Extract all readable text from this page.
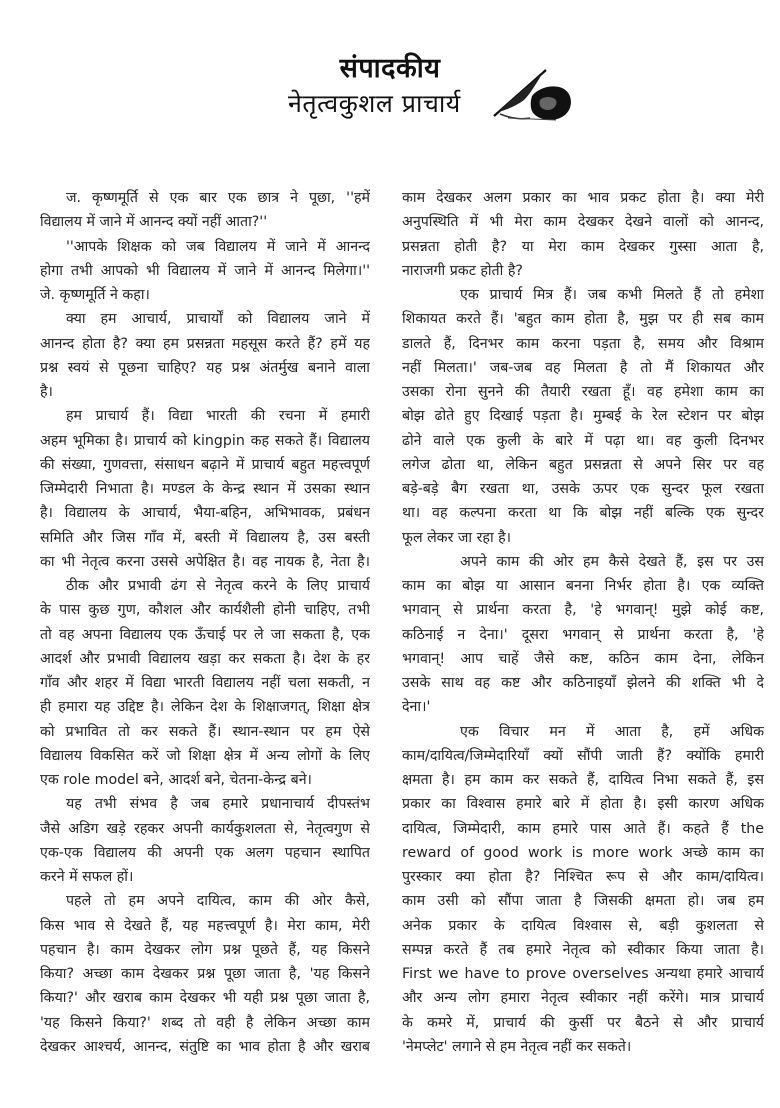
संपादकीय
नेतृत्वकुशल प्राचार्य
ज. कृष्णमूर्ति से एक बार एक छात्र ने पूछा, ''हमें
विद्यालय में जाने में आनन्द क्यों नहीं आता?''
''आपके शिक्षक को जब विद्यालय में जाने में आनन्द
होगा तभी आपको भी विद्यालय में जाने में आनन्द मिलेगा।''
जे. कृष्णमूर्ति ने कहा।
क्या हम आचार्य, प्राचार्यों को विद्यालय जाने में
आनन्द होता है? क्या हम प्रसन्नता महसूस करते हैं? हमें यह
प्रश्न स्वयं से पूछना चाहिए? यह प्रश्न अंतर्मुख बनाने वाला
है।
हम प्राचार्य हैं। विद्या भारती की रचना में हमारी
अहम भूमिका है। प्राचार्य को kingpin कह सकते हैं। विद्यालय
की संख्या, गुणवत्ता, संसाधन बढ़ाने में प्राचार्य बहुत महत्त्वपूर्ण
जिम्मेदारी निभाता है। मण्डल के केन्द्र स्थान में उसका स्थान
है। विद्यालय के आचार्य, भैया-बहिन, अभिभावक, प्रबंधन
समिति और जिस गाँव में, बस्ती में विद्यालय है, उस बस्ती
का भी नेतृत्व करना उससे अपेक्षित है। वह नायक है, नेता है।
ठीक और प्रभावी ढंग से नेतृत्व करने के लिए प्राचार्य
के पास कुछ गुण, कौशल और कार्यशैली होनी चाहिए, तभी
तो वह अपना विद्यालय एक ऊँचाई पर ले जा सकता है, एक
आदर्श और प्रभावी विद्यालय खड़ा कर सकता है। देश के हर
गाँव और शहर में विद्या भारती विद्यालय नहीं चला सकती, न
ही हमारा यह उद्दिष्ट है। लेकिन देश के शिक्षाजगत्, शिक्षा क्षेत्र
को प्रभावित तो कर सकते हैं। स्थान-स्थान पर हम ऐसे
विद्यालय विकसित करें जो शिक्षा क्षेत्र में अन्य लोगों के लिए
एक role model बने, आदर्श बने, चेतना-केन्द्र बने।
यह तभी संभव है जब हमारे प्रधानाचार्य दीपस्तंभ
जैसे अडिग खड़े रहकर अपनी कार्यकुशलता से, नेतृत्वगुण से
एक-एक विद्यालय की अपनी एक अलग पहचान स्थापित
करने में सफल हों।
पहले तो हम अपने दायित्व, काम की ओर कैसे,
किस भाव से देखते हैं, यह महत्त्वपूर्ण है। मेरा काम, मेरी
पहचान है। काम देखकर लोग प्रश्न पूछते हैं, यह किसने
किया? अच्छा काम देखकर प्रश्न पूछा जाता है, 'यह किसने
किया?' और खराब काम देखकर भी यही प्रश्न पूछा जाता है,
'यह किसने किया?' शब्द तो वही है लेकिन अच्छा काम
देखकर आश्चर्य, आनन्द, संतुष्टि का भाव होता है और खराब
काम देखकर अलग प्रकार का भाव प्रकट होता है। क्या मेरी
अनुपस्थिति में भी मेरा काम देखकर देखने वालों को आनन्द,
प्रसन्नता होती है? या मेरा काम देखकर गुस्सा आता है,
नाराजगी प्रकट होती है?
एक प्राचार्य मित्र हैं। जब कभी मिलते हैं तो हमेशा
शिकायत करते हैं। 'बहुत काम होता है, मुझ पर ही सब काम
डालते हैं, दिनभर काम करना पड़ता है, समय और विश्राम
नहीं मिलता।' जब-जब वह मिलता है तो मैं शिकायत और
उसका रोना सुनने की तैयारी रखता हूँ। वह हमेशा काम का
बोझ ढोते हुए दिखाई पड़ता है। मुम्बई के रेल स्टेशन पर बोझ
ढोने वाले एक कुली के बारे में पढ़ा था। वह कुली दिनभर
लगेज ढोता था, लेकिन बहुत प्रसन्नता से अपने सिर पर वह
बड़े-बड़े बैग रखता था, उसके ऊपर एक सुन्दर फूल रखता
था। वह कल्पना करता था कि बोझ नहीं बल्कि एक सुन्दर
फूल लेकर जा रहा है।
अपने काम की ओर हम कैसे देखते हैं, इस पर उस
काम का बोझ या आसान बनना निर्भर होता है। एक व्यक्ति
भगवान् से प्रार्थना करता है, 'हे भगवान्! मुझे कोई कष्ट,
कठिनाई न देना।' दूसरा भगवान् से प्रार्थना करता है, 'हे
भगवान्! आप चाहें जैसे कष्ट, कठिन काम देना, लेकिन
उसके साथ वह कष्ट और कठिनाइयाँ झेलने की शक्ति भी दे
देना।'
एक विचार मन में आता है, हमें अधिक
काम/दायित्व/जिम्मेदारियाँ क्यों सौंपी जाती हैं? क्योंकि हमारी
क्षमता है। हम काम कर सकते हैं, दायित्व निभा सकते हैं, इस
प्रकार का विश्वास हमारे बारे में होता है। इसी कारण अधिक
दायित्व, जिम्मेदारी, काम हमारे पास आते हैं। कहते हैं the
reward of good work is more work अच्छे काम का
पुरस्कार क्या होता है? निश्चित रूप से और काम/दायित्व।
काम उसी को सौंपा जाता है जिसकी क्षमता हो। जब हम
अनेक प्रकार के दायित्व विश्वास से, बड़ी कुशलता से
सम्पन्न करते हैं तब हमारे नेतृत्व को स्वीकार किया जाता है।
First we have to prove overselves अन्यथा हमारे आचार्य
और अन्य लोग हमारा नेतृत्व स्वीकार नहीं करेंगे। मात्र प्राचार्य
के कमरे में, प्राचार्य की कुर्सी पर बैठने से और प्राचार्य
'नेमप्लेट' लगाने से हम नेतृत्व नहीं कर सकते।
